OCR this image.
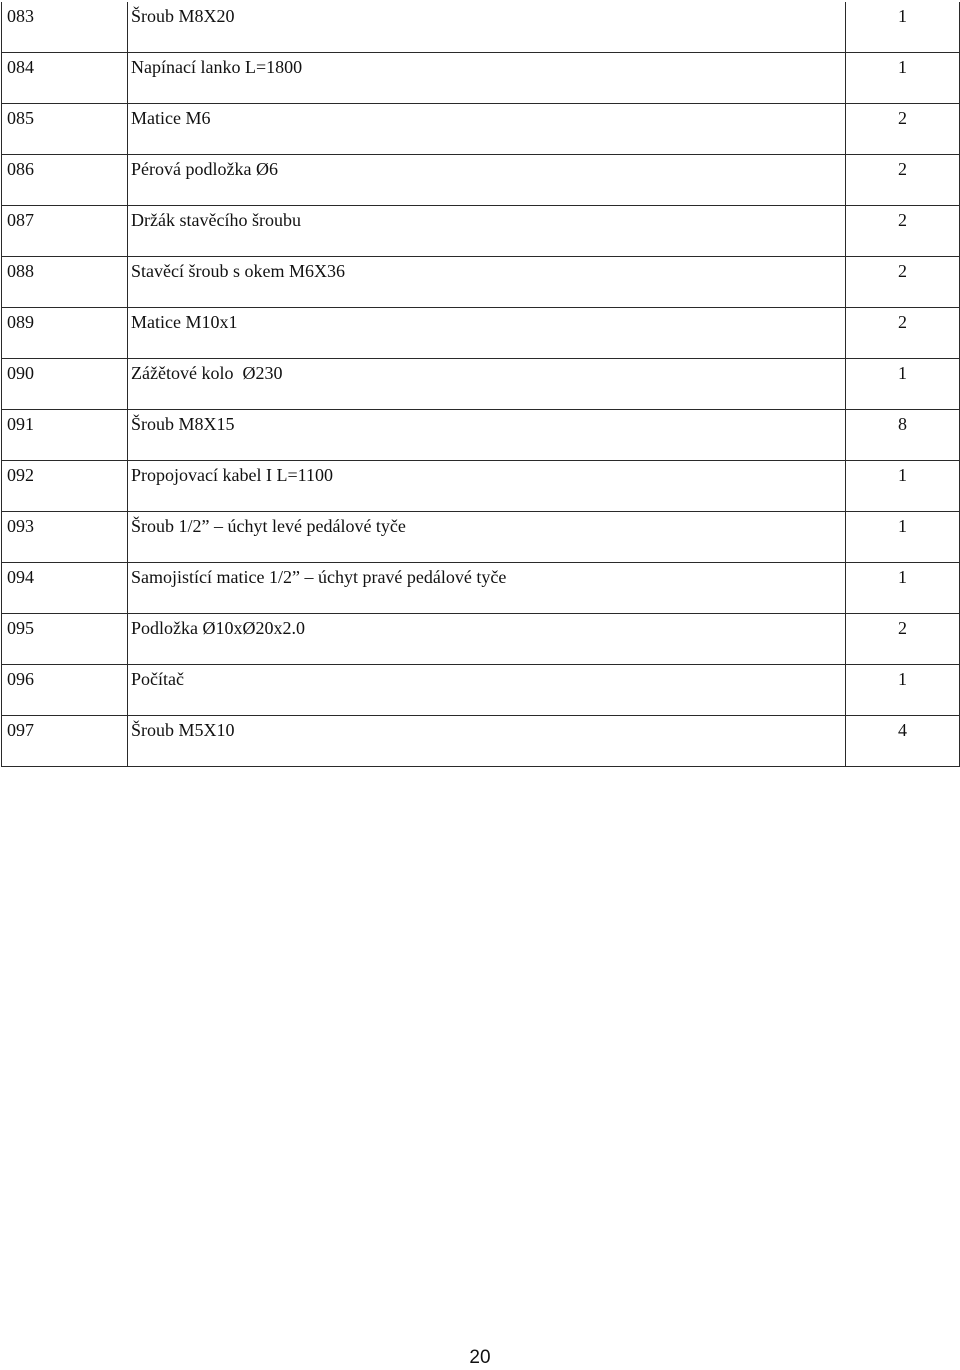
083	Šroub M8X20	1
084	Napínací lanko L=1800	1
085	Matice M6	2
086	Pérová podložka Ø6	2
087	Držák stavěcího šroubu	2
088	Stavěcí šroub s okem M6X36	2
089	Matice M10x1	2
090	Zážětové kolo  Ø230	1
091	Šroub M8X15	8
092	Propojovací kabel I L=1100	1
093	Šroub 1/2” – úchyt levé pedálové tyče	1
094	Samojistící matice 1/2” – úchyt pravé pedálové tyče	1
095	Podložka Ø10xØ20x2.0	2
096	Počítač	1
097	Šroub M5X10	4
20
